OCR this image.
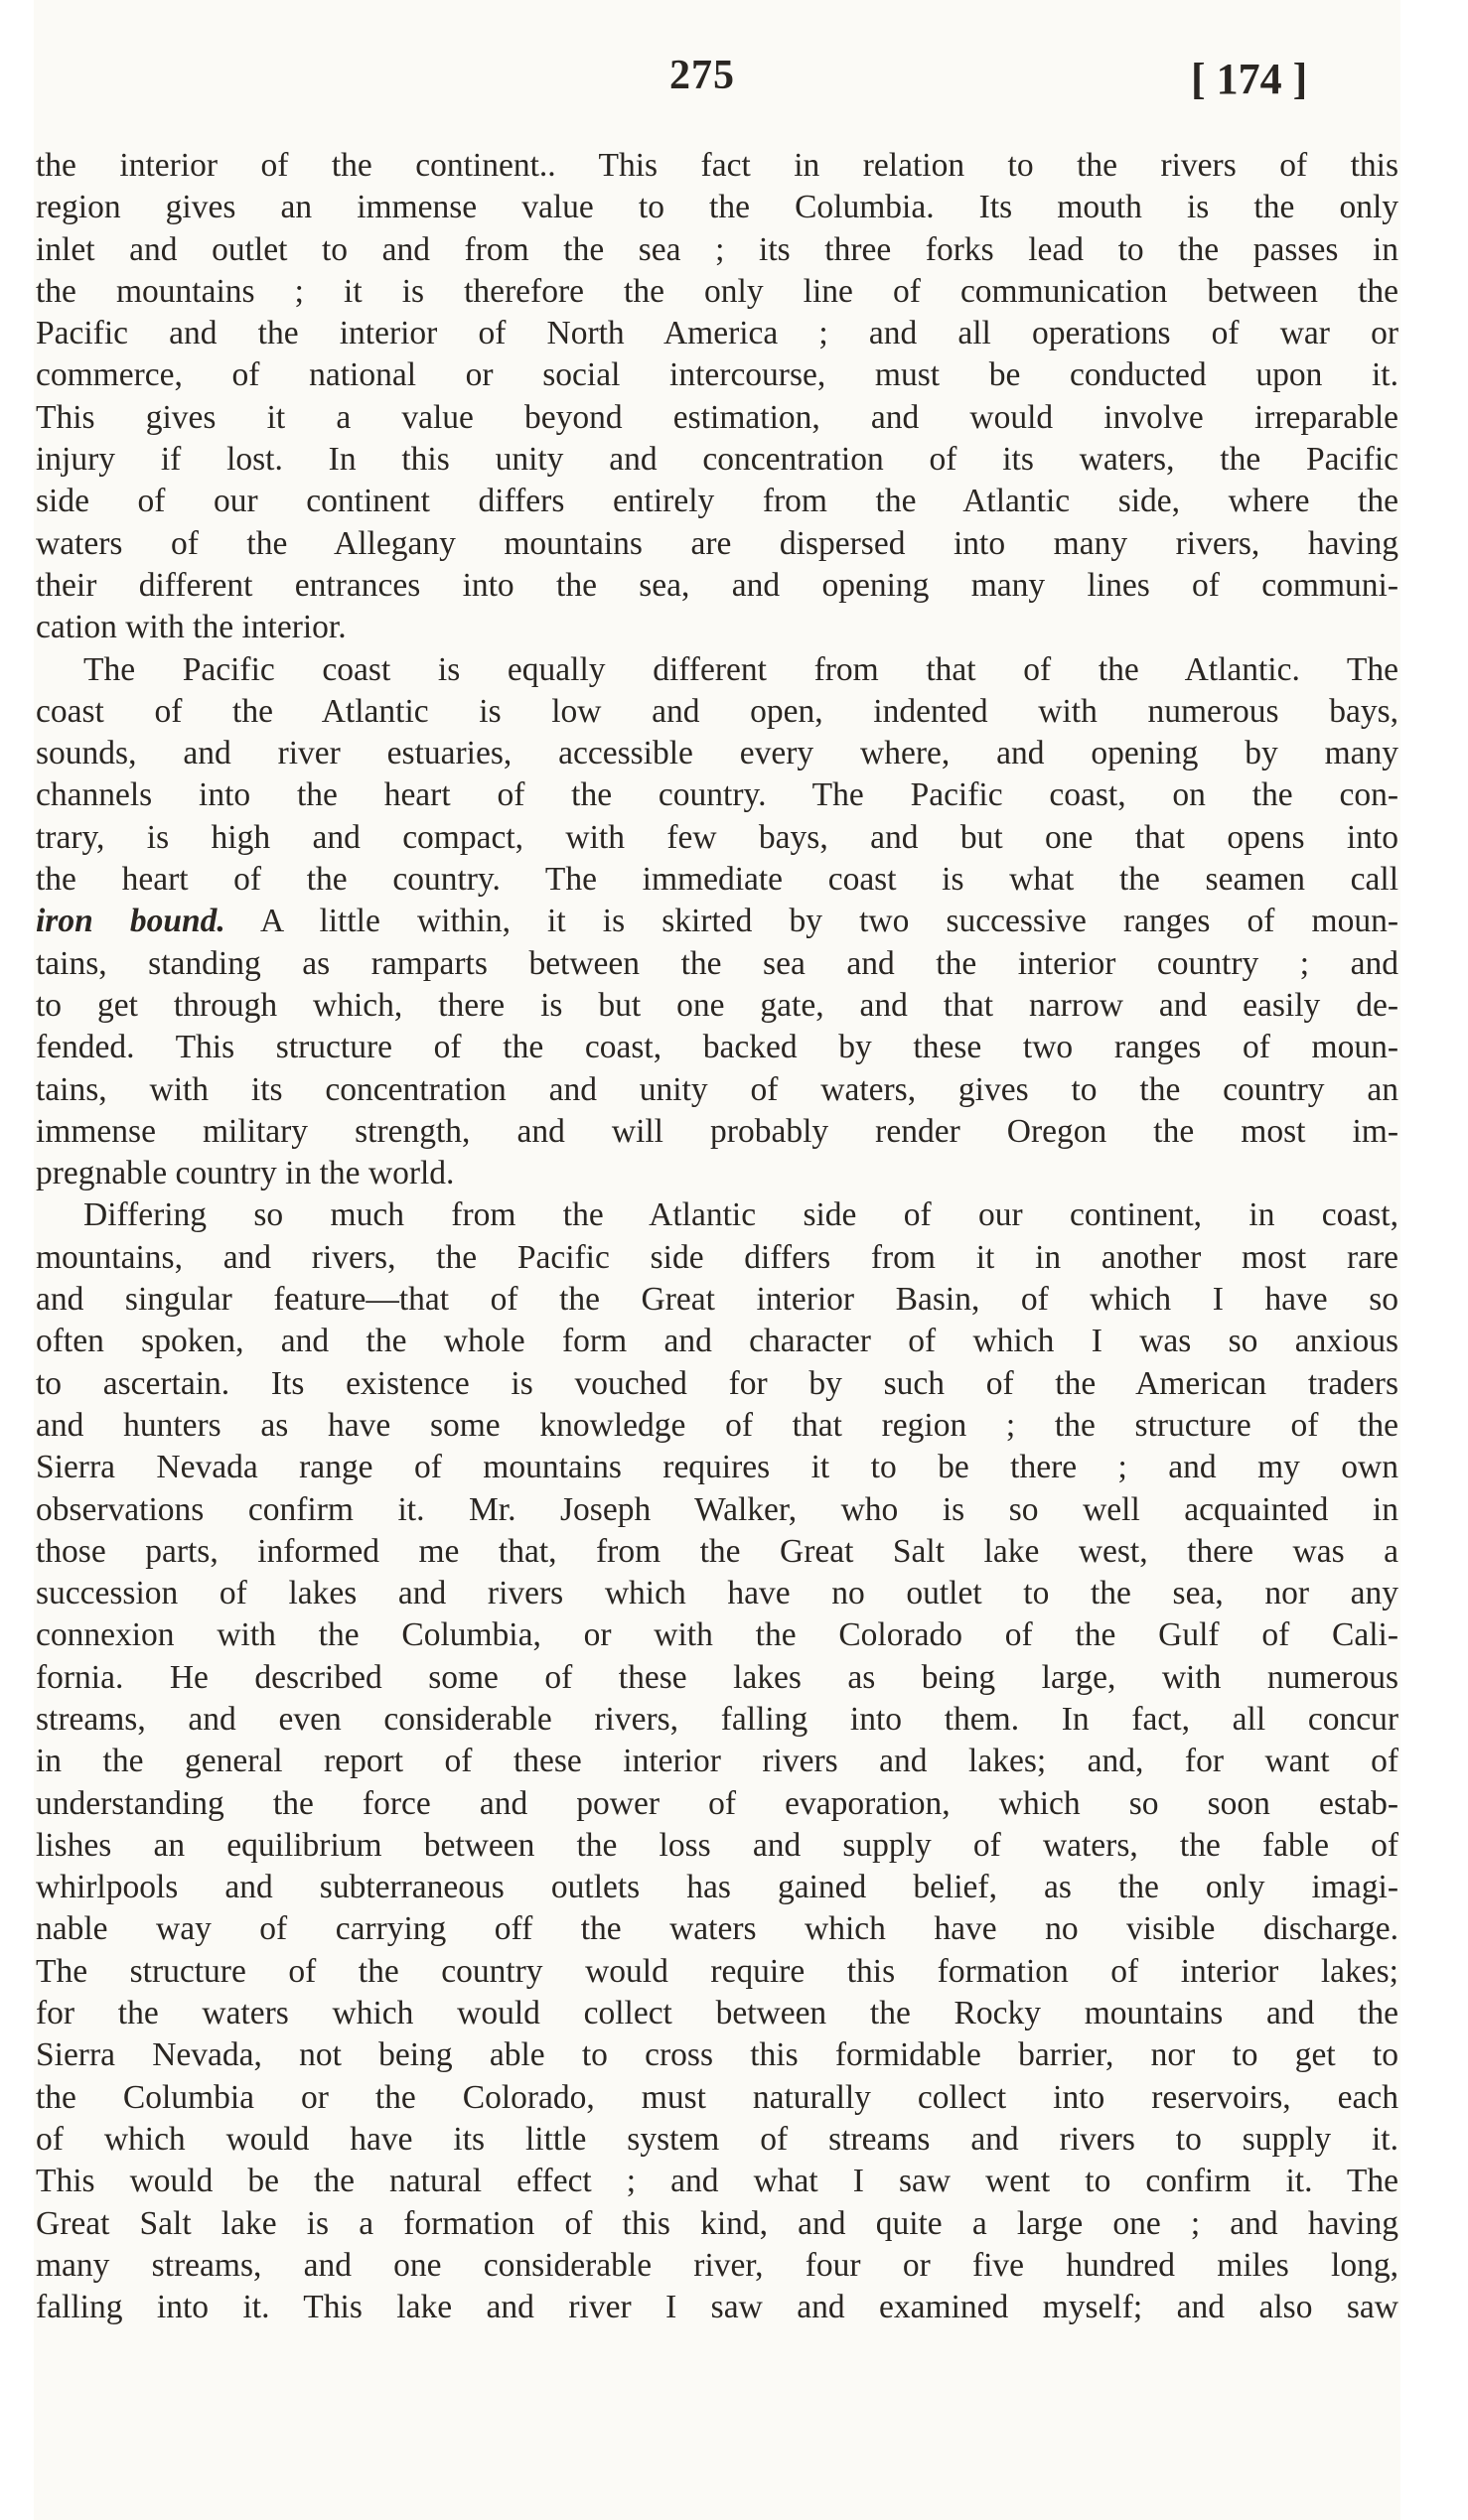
275	[ 174 ]

the interior of the continent.. This fact in relation to the rivers of this

region gives an immense value to the Columbia. Its mouth is the only

inlet and outlet to and from the sea ; its three forks lead to the passes in

the mountains ; it is therefore the only line of communication between the

Pacific and the interior of North America ; and all operations of war or

commerce, of national or social intercourse, must be conducted upon it.

This gives it a value beyond estimation, and would involve irreparable

injury if lost. In this unity and concentration of its waters, the Pacific

side of our continent differs entirely from the Atlantic side, where the

waters of the Allegany mountains are dispersed into many rivers, having

their different entrances into the sea, and opening many lines of communi-

cation with the interior.

The Pacific coast is equally different from that of the Atlantic. The

coast of the Atlantic is low and open, indented with numerous bays,

sounds, and river estuaries, accessible every where, and opening by many

channels into the heart of the country. The Pacific coast, on the con-

trary, is high and compact, with few bays, and but one that opens into

the heart of the country. The immediate coast is what the seamen call

iron bound. A little within, it is skirted by two successive ranges of moun-

tains, standing as ramparts between the sea and the interior country ; and

to get through which, there is but one gate, and that narrow and easily de-

fended. This structure of the coast, backed by these two ranges of moun-

tains, with its concentration and unity of waters, gives to the country an

immense military strength, and will probably render Oregon the most im-

pregnable country in the world.

Differing so much from the Atlantic side of our continent, in coast,

mountains, and rivers, the Pacific side differs from it in another most rare

and singular feature—that of the Great interior Basin, of which I have so

often spoken, and the whole form and character of which I was so anxious

to ascertain. Its existence is vouched for by such of the American traders

and hunters as have some knowledge of that region ; the structure of the

Sierra Nevada range of mountains requires it to be there ; and my own

observations confirm it. Mr. Joseph Walker, who is so well acquainted in

those parts, informed me that, from the Great Salt lake west, there was a

succession of lakes and rivers which have no outlet to the sea, nor any

connexion with the Columbia, or with the Colorado of the Gulf of Cali-

fornia. He described some of these lakes as being large, with numerous

streams, and even considerable rivers, falling into them. In fact, all concur

in the general report of these interior rivers and lakes; and, for want of

understanding the force and power of evaporation, which so soon estab-

lishes an equilibrium between the loss and supply of waters, the fable of

whirlpools and subterraneous outlets has gained belief, as the only imagi-

nable way of carrying off the waters which have no visible discharge.

The structure of the country would require this formation of interior lakes;

for the waters which would collect between the Rocky mountains and the

Sierra Nevada, not being able to cross this formidable barrier, nor to get to

the Columbia or the Colorado, must naturally collect into reservoirs, each

of which would have its little system of streams and rivers to supply it.

This would be the natural effect ; and what I saw went to confirm it. The

Great Salt lake is a formation of this kind, and quite a large one ; and having

many streams, and one considerable river, four or five hundred miles long,

falling into it. This lake and river I saw and examined myself; and also saw
